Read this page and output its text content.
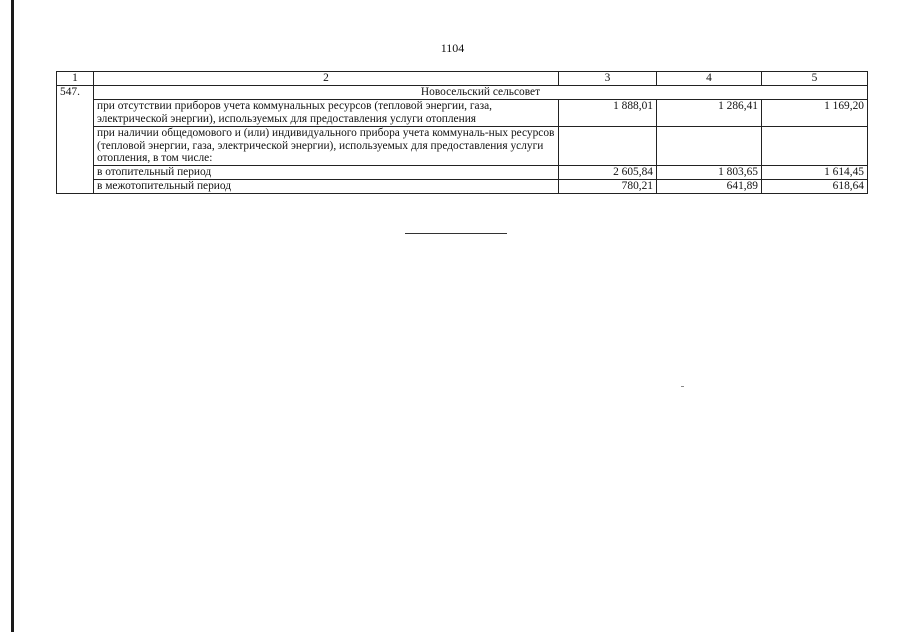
1104
1	2	3	4	5
547.	Новосельский сельсовет			
	при отсутствии приборов учета коммунальных ресурсов (тепловой энергии, газа, электрической энергии), используемых для предоставления услуги отопления	1 888,01	1 286,41	1 169,20
	при наличии общедомового и (или) индивидуального прибора учета коммуналь-ных ресурсов (тепловой энергии, газа, электрической энергии), используемых для предоставления услуги отопления, в том числе:			
	в отопительный период	2 605,84	1 803,65	1 614,45
	в межотопительный период	780,21	641,89	618,64
